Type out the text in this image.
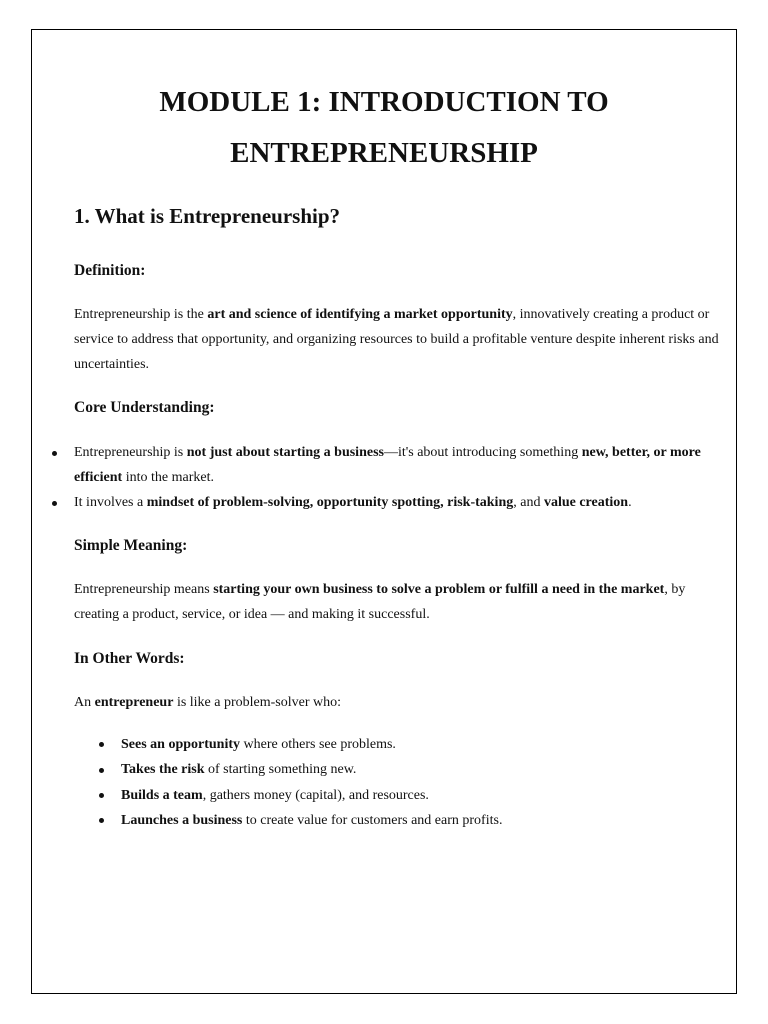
MODULE 1: INTRODUCTION TO
ENTREPRENEURSHIP
1. What is Entrepreneurship?
Definition:

Entrepreneurship is the art and science of identifying a market opportunity, innovatively creating a product or service to address that opportunity, and organizing resources to build a profitable venture despite inherent risks and uncertainties.

Core Understanding:

Entrepreneurship is not just about starting a business—it's about introducing something new, better, or more efficient into the market.

It involves a mindset of problem-solving, opportunity spotting, risk-taking, and value creation.

Simple Meaning:

Entrepreneurship means starting your own business to solve a problem or fulfill a need in the market, by creating a product, service, or idea — and making it successful.

In Other Words:

An entrepreneur is like a problem-solver who:

Sees an opportunity where others see problems.

Takes the risk of starting something new.

Builds a team, gathers money (capital), and resources.

Launches a business to create value for customers and earn profits.
